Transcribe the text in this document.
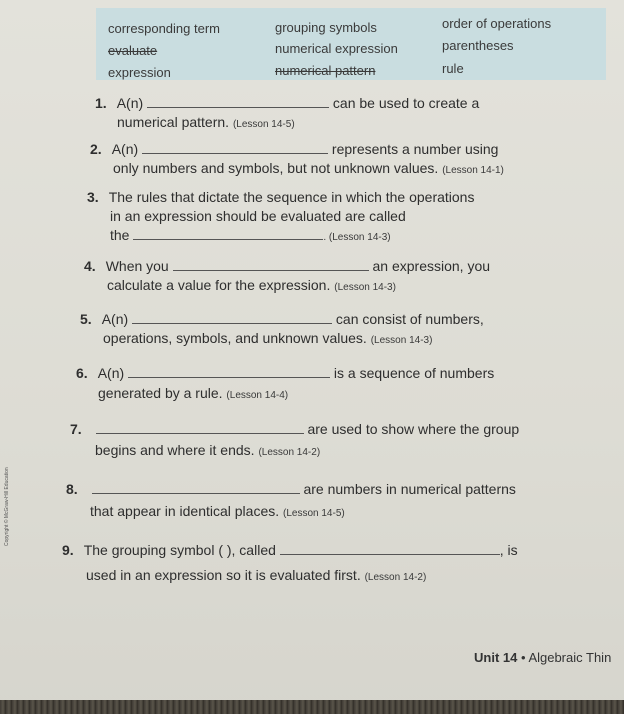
corresponding term	grouping symbols	order of operations
evaluate	numerical expression	parentheses
expression	numerical pattern	rule
1. A(n)	can be used to create a
numerical pattern. (Lesson 14-5)
2. A(n)	represents a number using
only numbers and symbols, but not unknown values. (Lesson 14-1)
3. The rules that dictate the sequence in which the operations
in an expression should be evaluated are called
the	. (Lesson 14-3)
4. When you	an expression, you
calculate a value for the expression. (Lesson 14-3)
5. A(n)	can consist of numbers,
operations, symbols, and unknown values. (Lesson 14-3)
6. A(n)	is a sequence of numbers
generated by a rule. (Lesson 14-4)
7.	are used to show where the group
begins and where it ends. (Lesson 14-2)
8.	are numbers in numerical patterns
that appear in identical places. (Lesson 14-5)
9. The grouping symbol ( ), called	, is
used in an expression so it is evaluated first. (Lesson 14-2)
Copyright © McGraw-Hill Education
Unit 14 • Algebraic Thin
